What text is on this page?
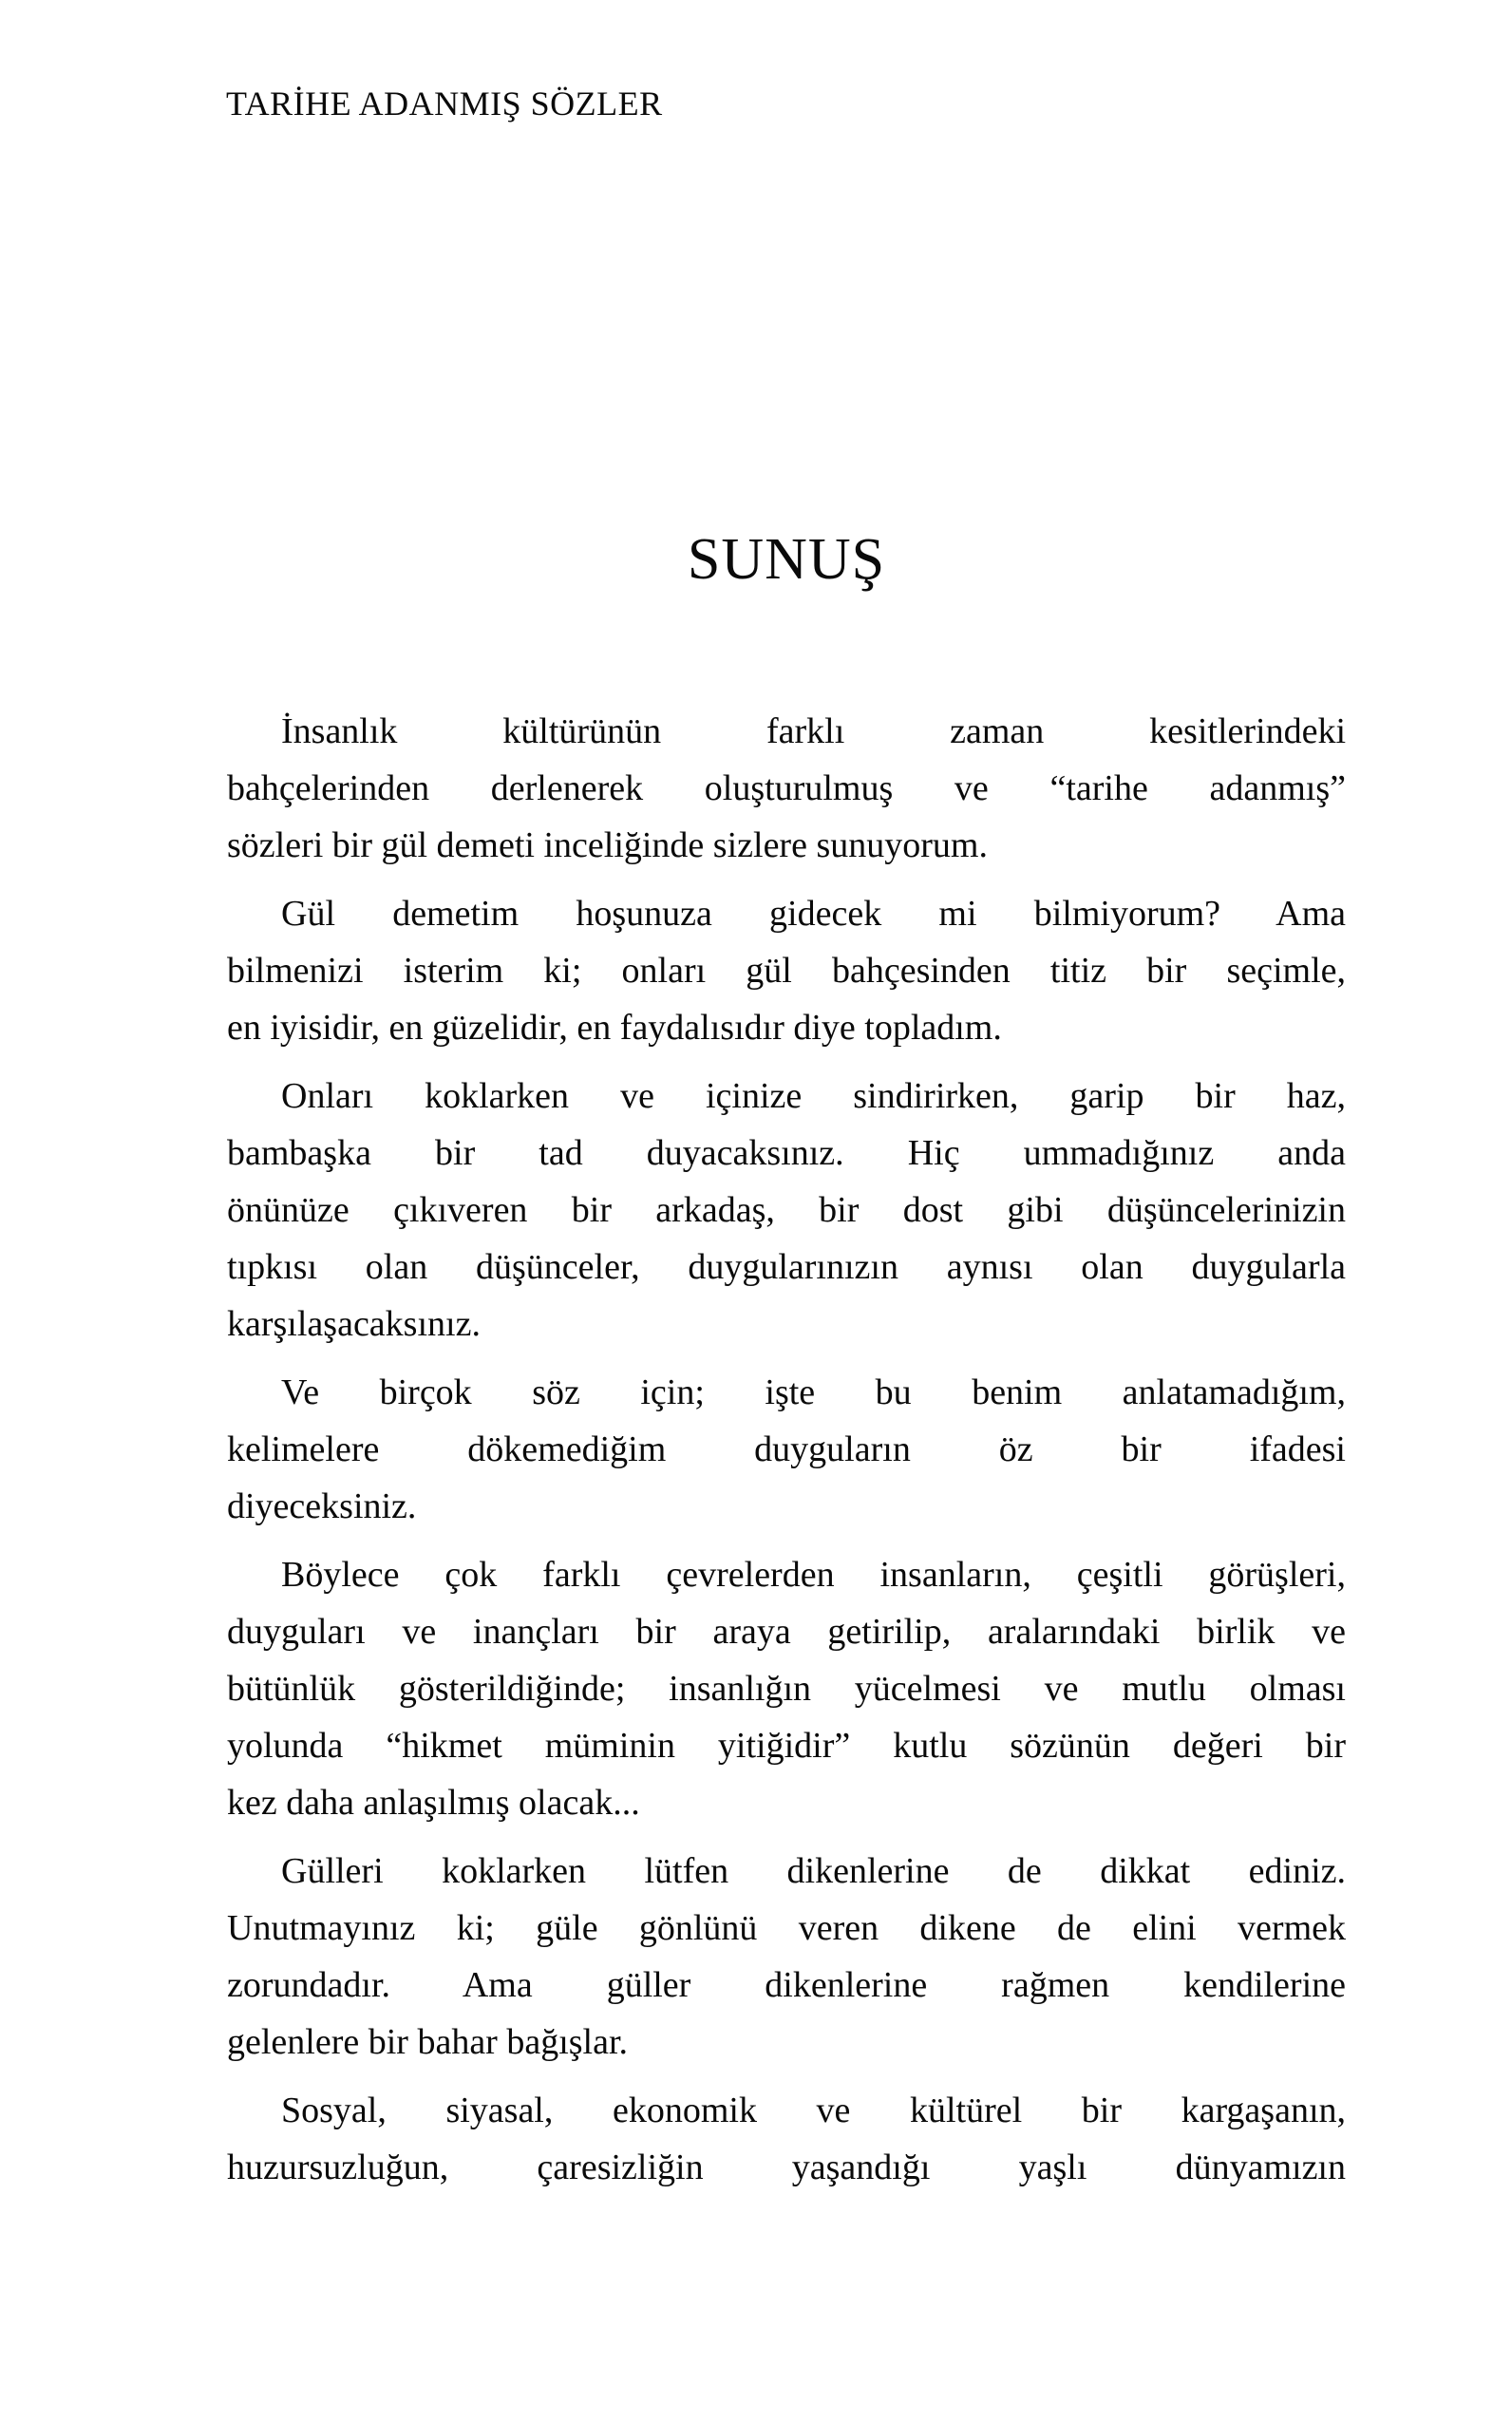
TARİHE ADANMIŞ SÖZLER
SUNUŞ

İnsanlık kültürünün farklı zaman kesitlerindeki
bahçelerinden derlenerek oluşturulmuş ve “tarihe adanmış”
sözleri bir gül demeti inceliğinde sizlere sunuyorum.

Gül demetim hoşunuza gidecek mi bilmiyorum? Ama
bilmenizi isterim ki; onları gül bahçesinden titiz bir seçimle,
en iyisidir, en güzelidir, en faydalısıdır diye topladım.

Onları koklarken ve içinize sindirirken, garip bir haz,
bambaşka bir tad duyacaksınız. Hiç ummadığınız anda
önünüze çıkıveren bir arkadaş, bir dost gibi düşüncelerinizin
tıpkısı olan düşünceler, duygularınızın aynısı olan duygularla
karşılaşacaksınız.

Ve birçok söz için; işte bu benim anlatamadığım,
kelimelere dökemediğim duyguların öz bir ifadesi
diyeceksiniz.

Böylece çok farklı çevrelerden insanların, çeşitli görüşleri,
duyguları ve inançları bir araya getirilip, aralarındaki birlik ve
bütünlük gösterildiğinde; insanlığın yücelmesi ve mutlu olması
yolunda “hikmet müminin yitiğidir” kutlu sözünün değeri bir
kez daha anlaşılmış olacak...

Gülleri koklarken lütfen dikenlerine de dikkat ediniz.
Unutmayınız ki; güle gönlünü veren dikene de elini vermek
zorundadır. Ama güller dikenlerine rağmen kendilerine
gelenlere bir bahar bağışlar.

Sosyal, siyasal, ekonomik ve kültürel bir kargaşanın,
huzursuzluğun, çaresizliğin yaşandığı yaşlı dünyamızın
